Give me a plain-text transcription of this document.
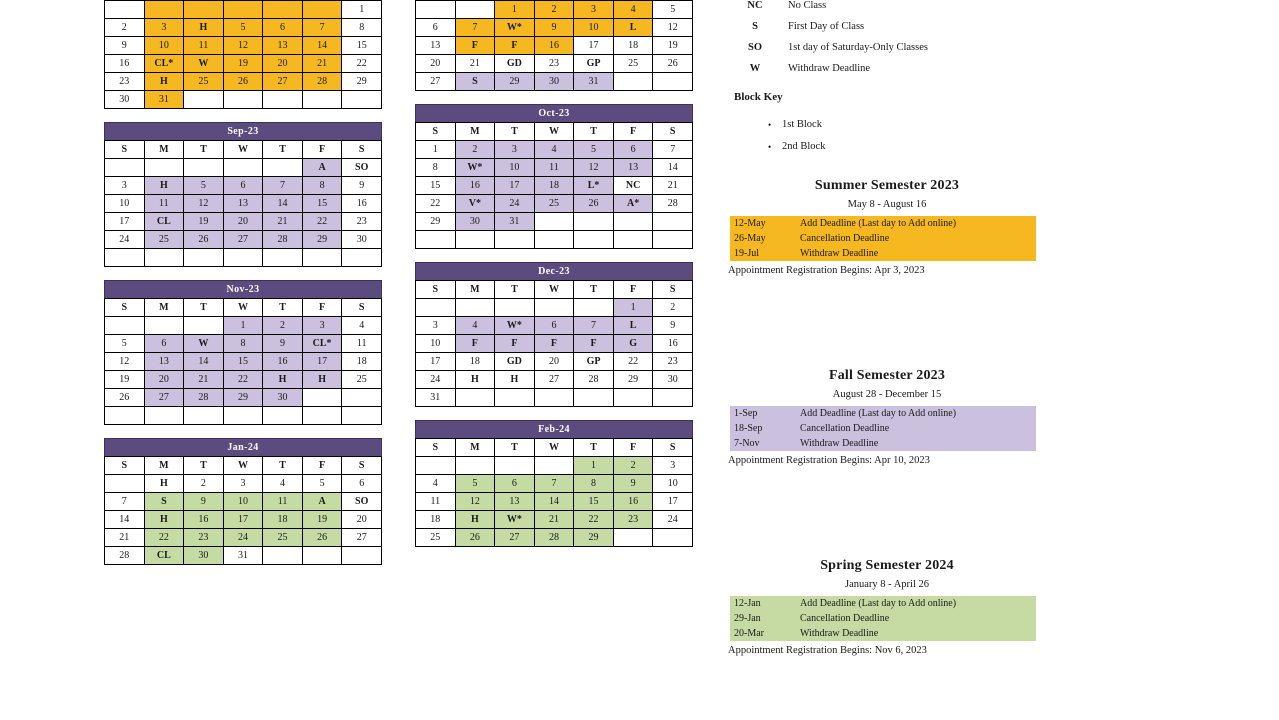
						1
2	3	H	5	6	7	8
9	10	11	12	13	14	15
16	CL*	W	19	20	21	22
23	H	25	26	27	28	29
30	31					
Sep-23
S	M	T	W	T	F	S
					A	SO
3	H	5	6	7	8	9
10	11	12	13	14	15	16
17	CL	19	20	21	22	23
24	25	26	27	28	29	30

Nov-23
S	M	T	W	T	F	S
			1	2	3	4
5	6	W	8	9	CL*	11
12	13	14	15	16	17	18
19	20	21	22	H	H	25
26	27	28	29	30		

Jan-24
S	M	T	W	T	F	S
	H	2	3	4	5	6
7	S	9	10	11	A	SO
14	H	16	17	18	19	20
21	22	23	24	25	26	27
28	CL	30	31			

		1	2	3	4	5
6	7	W*	9	10	L	12
13	F	F	16	17	18	19
20	21	GD	23	GP	25	26
27	S	29	30	31		
Oct-23
S	M	T	W	T	F	S
1	2	3	4	5	6	7
8	W*	10	11	12	13	14
15	16	17	18	L*	NC	21
22	V*	24	25	26	A*	28
29	30	31				

Dec-23
S	M	T	W	T	F	S
					1	2
3	4	W*	6	7	L	9
10	F	F	F	F	G	16
17	18	GD	20	GP	22	23
24	H	H	27	28	29	30
31						
Feb-24
S	M	T	W	T	F	S
				1	2	3
4	5	6	7	8	9	10
11	12	13	14	15	16	17
18	H	W*	21	22	23	24
25	26	27	28	29		
NC	No Class
S	First Day of Class
SO	1st day of Saturday-Only Classes
W	Withdraw Deadline
Block Key
• 1st Block
• 2nd Block
Summer Semester 2023
May 8 - August 16
12-May	Add Deadline (Last day to Add online)
26-May	Cancellation Deadline
19-Jul	Withdraw Deadline
Appointment Registration Begins: Apr 3, 2023
Fall Semester 2023
August 28 - December 15
1-Sep	Add Deadline (Last day to Add online)
18-Sep	Cancellation Deadline
7-Nov	Withdraw Deadline
Appointment Registration Begins: Apr 10, 2023
Spring Semester 2024
January 8 - April 26
12-Jan	Add Deadline (Last day to Add online)
29-Jan	Cancellation Deadline
20-Mar	Withdraw Deadline
Appointment Registration Begins: Nov 6, 2023
